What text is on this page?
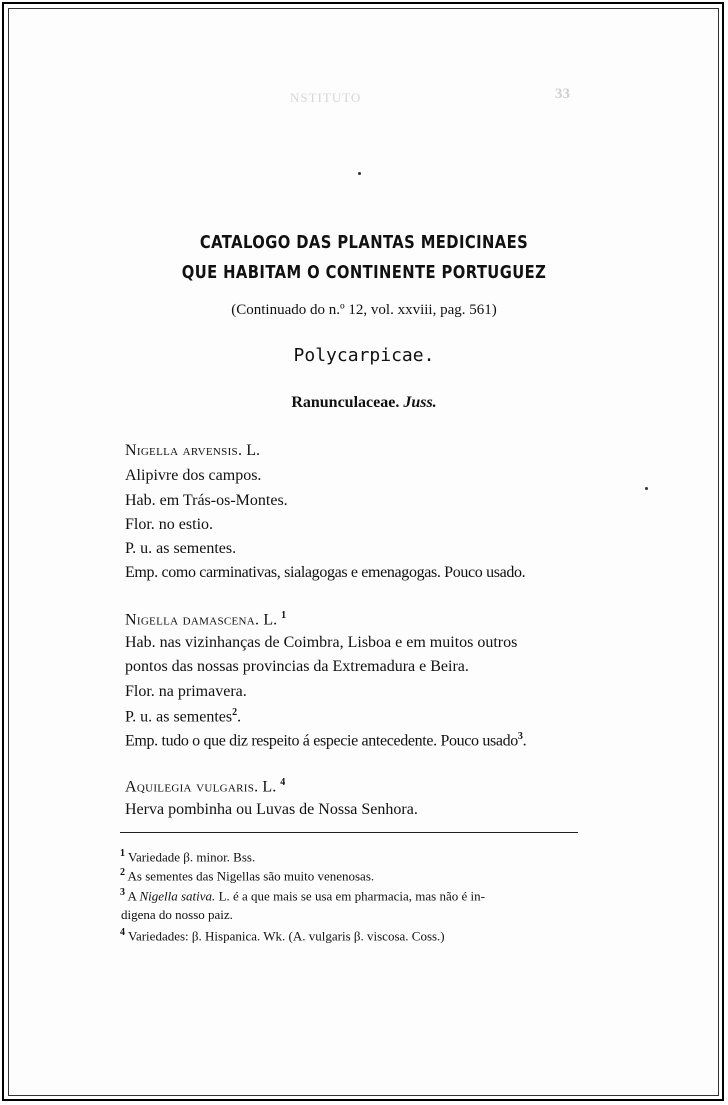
NSTITUTO	33
CATALOGO DAS PLANTAS MEDICINAES
QUE HABITAM O CONTINENTE PORTUGUEZ
(Continuado do n.º 12, vol. xxviii, pag. 561)
Polycarpicae.
Ranunculaceae. Juss.
Nigella arvensis. L.
Alipivre dos campos.
Hab. em Trás-os-Montes.
Flor. no estio.
P. u. as sementes.
Emp. como carminativas, sialagogas e emenagogas. Pouco usado.
Nigella damascena. L. $^1$
Hab. nas vizinhanças de Coimbra, Lisboa e em muitos outros
pontos das nossas provincias da Extremadura e Beira.
Flor. na primavera.
P. u. as sementes$^2$.
Emp. tudo o que diz respeito á especie antecedente. Pouco usado$^3$.
Aquilegia vulgaris. L. $^4$
Herva pombinha ou Luvas de Nossa Senhora.
$^1$ Variedade β. minor. Bss.
$^2$ As sementes das Nigellas são muito venenosas.
$^3$ A Nigella sativa. L. é a que mais se usa em pharmacia, mas não é in-
digena do nosso paiz.
$^4$ Variedades: β. Hispanica. Wk. (A. vulgaris β. viscosa. Coss.)
